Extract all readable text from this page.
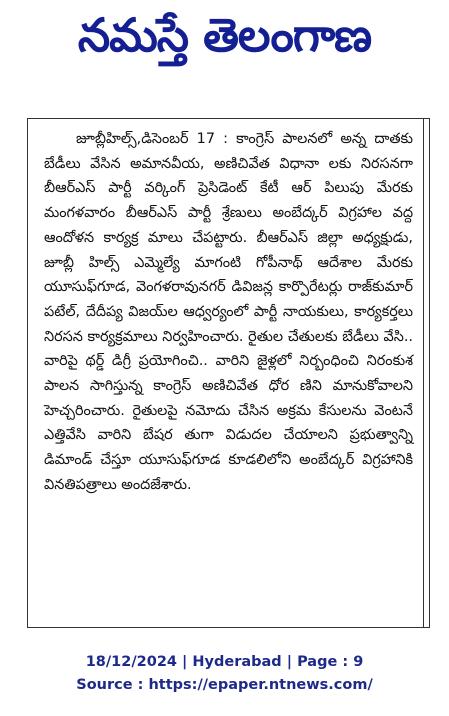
నమస్తే తెలంగాణ

జూబ్లీహిల్స్,డిసెంబర్ 17 : కాంగ్రెస్ పాలనలో అన్న దాతకు బేడీలు వేసిన అమానవీయ, అణిచివేత విధానా లకు నిరసనగా బీఆర్ఎస్ పార్టీ వర్కింగ్ ప్రెసిడెంట్ కేటీ ఆర్ పిలుపు మేరకు మంగళవారం బీఆర్ఎస్ పార్టీ శ్రేణులు అంబేద్కర్ విగ్రహాల వద్ద ఆందోళన కార్యక్ర మాలు చేపట్టారు. బీఆర్ఎస్ జిల్లా అధ్యక్షుడు, జూబ్లీ హిల్స్ ఎమ్మెల్యే మాగంటి గోపీనాథ్ ఆదేశాల మేరకు యూసుఫ్‌గూడ, వెంగళరావునగర్ డివిజన్ల కార్పొరేటర్లు రాజ్‌కుమార్ పటేల్, దేదీప్య విజయ్‌ల ఆధ్వర్యంలో పార్టీ నాయకులు, కార్యకర్తలు నిరసన కార్యక్రమాలు నిర్వహించారు. రైతుల చేతులకు బేడీలు వేసి.. వారిపై థర్డ్ డిగ్రీ ప్రయోగించి.. వారిని జైళ్లలో నిర్బంధించి నిరంకుశ పాలన సాగిస్తున్న కాంగ్రెస్ అణిచివేత ధోర ణిని మానుకోవాలని హెచ్చరించారు. రైతులపై నమోదు చేసిన అక్రమ కేసులను వెంటనే ఎత్తివేసి వారిని బేషర తుగా విడుదల చేయాలని ప్రభుత్వాన్ని డిమాండ్ చేస్తూ యూసుఫ్‌గూడ కూడలిలోని అంబేద్కర్ విగ్రహానికి వినతిపత్రాలు అందజేశారు.

18/12/2024 | Hyderabad | Page : 9
Source : https://epaper.ntnews.com/
